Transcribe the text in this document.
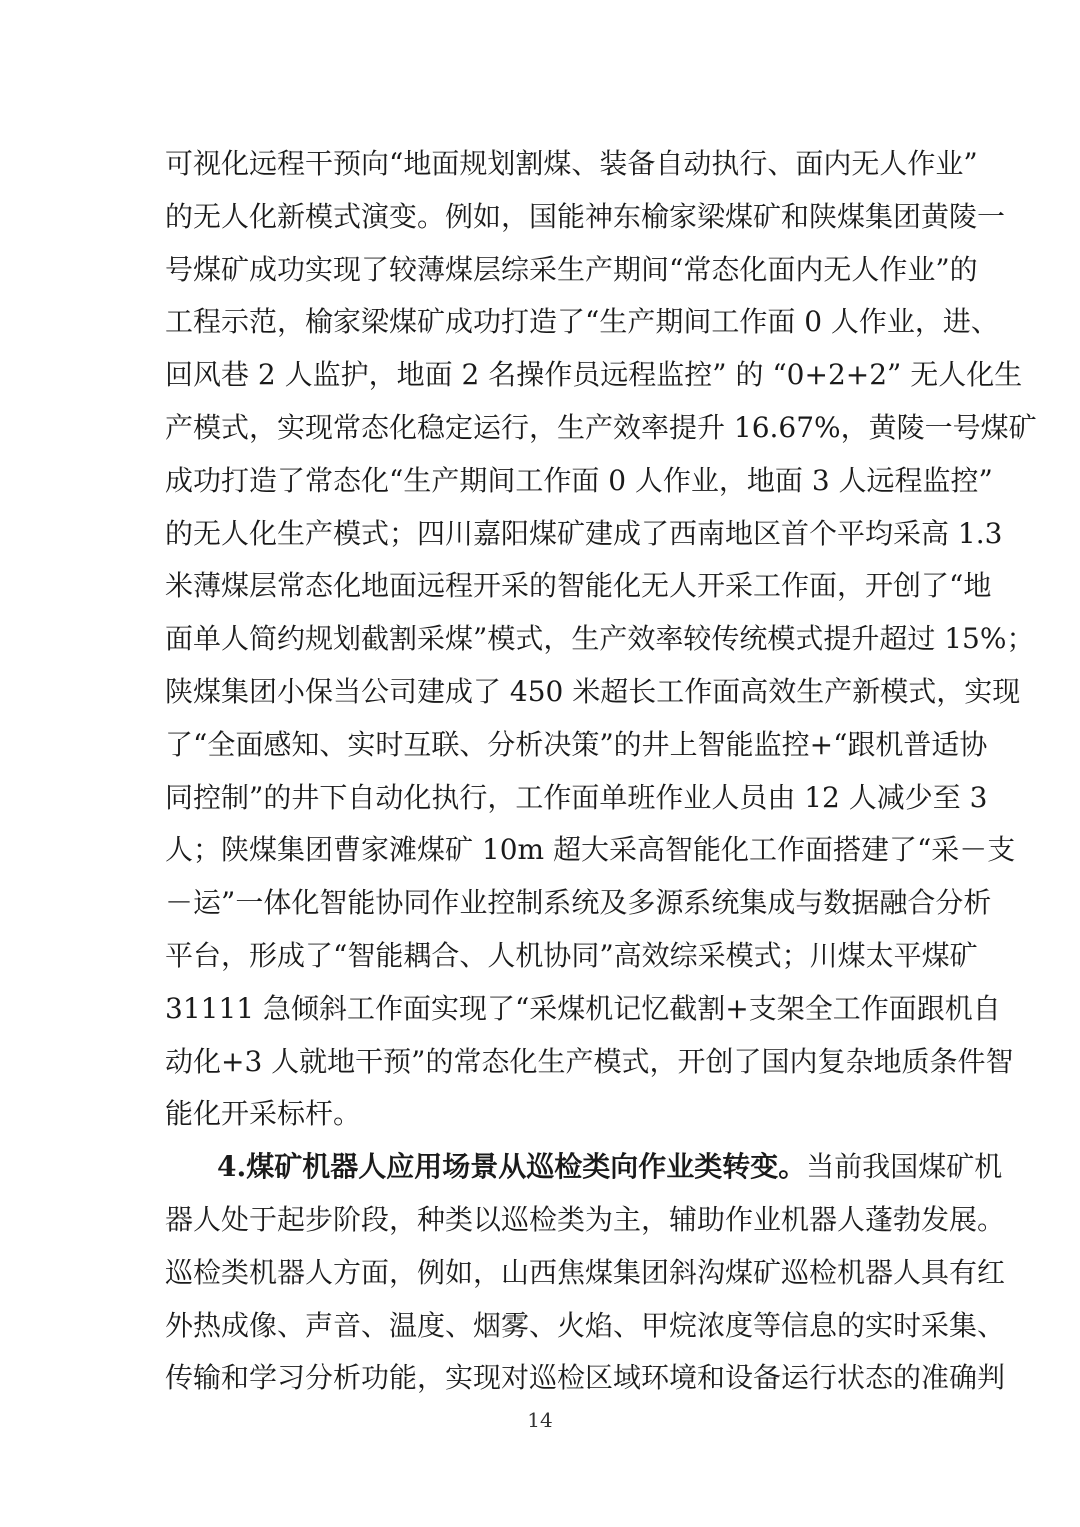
可视化远程干预向“地面规划割煤、装备自动执行、面内无人作业”
的无人化新模式演变。例如，国能神东榆家梁煤矿和陕煤集团黄陵一
号煤矿成功实现了较薄煤层综采生产期间“常态化面内无人作业”的
工程示范，榆家梁煤矿成功打造了“生产期间工作面 0 人作业，进、
回风巷 2 人监护，地面 2 名操作员远程监控” 的 “0+2+2” 无人化生
产模式，实现常态化稳定运行，生产效率提升 16.67%，黄陵一号煤矿
成功打造了常态化“生产期间工作面 0 人作业，地面 3 人远程监控”
的无人化生产模式；四川嘉阳煤矿建成了西南地区首个平均采高 1.3
米薄煤层常态化地面远程开采的智能化无人开采工作面，开创了“地
面单人简约规划截割采煤”模式，生产效率较传统模式提升超过 15%；
陕煤集团小保当公司建成了 450 米超长工作面高效生产新模式，实现
了“全面感知、实时互联、分析决策”的井上智能监控+“跟机普适协
同控制”的井下自动化执行，工作面单班作业人员由 12 人减少至 3
人；陕煤集团曹家滩煤矿 10m 超大采高智能化工作面搭建了“采－支
－运”一体化智能协同作业控制系统及多源系统集成与数据融合分析
平台，形成了“智能耦合、人机协同”高效综采模式；川煤太平煤矿
31111 急倾斜工作面实现了“采煤机记忆截割+支架全工作面跟机自
动化+3 人就地干预”的常态化生产模式，开创了国内复杂地质条件智
能化开采标杆。
4.煤矿机器人应用场景从巡检类向作业类转变。当前我国煤矿机
器人处于起步阶段，种类以巡检类为主，辅助作业机器人蓬勃发展。
巡检类机器人方面，例如，山西焦煤集团斜沟煤矿巡检机器人具有红
外热成像、声音、温度、烟雾、火焰、甲烷浓度等信息的实时采集、
传输和学习分析功能，实现对巡检区域环境和设备运行状态的准确判
14
